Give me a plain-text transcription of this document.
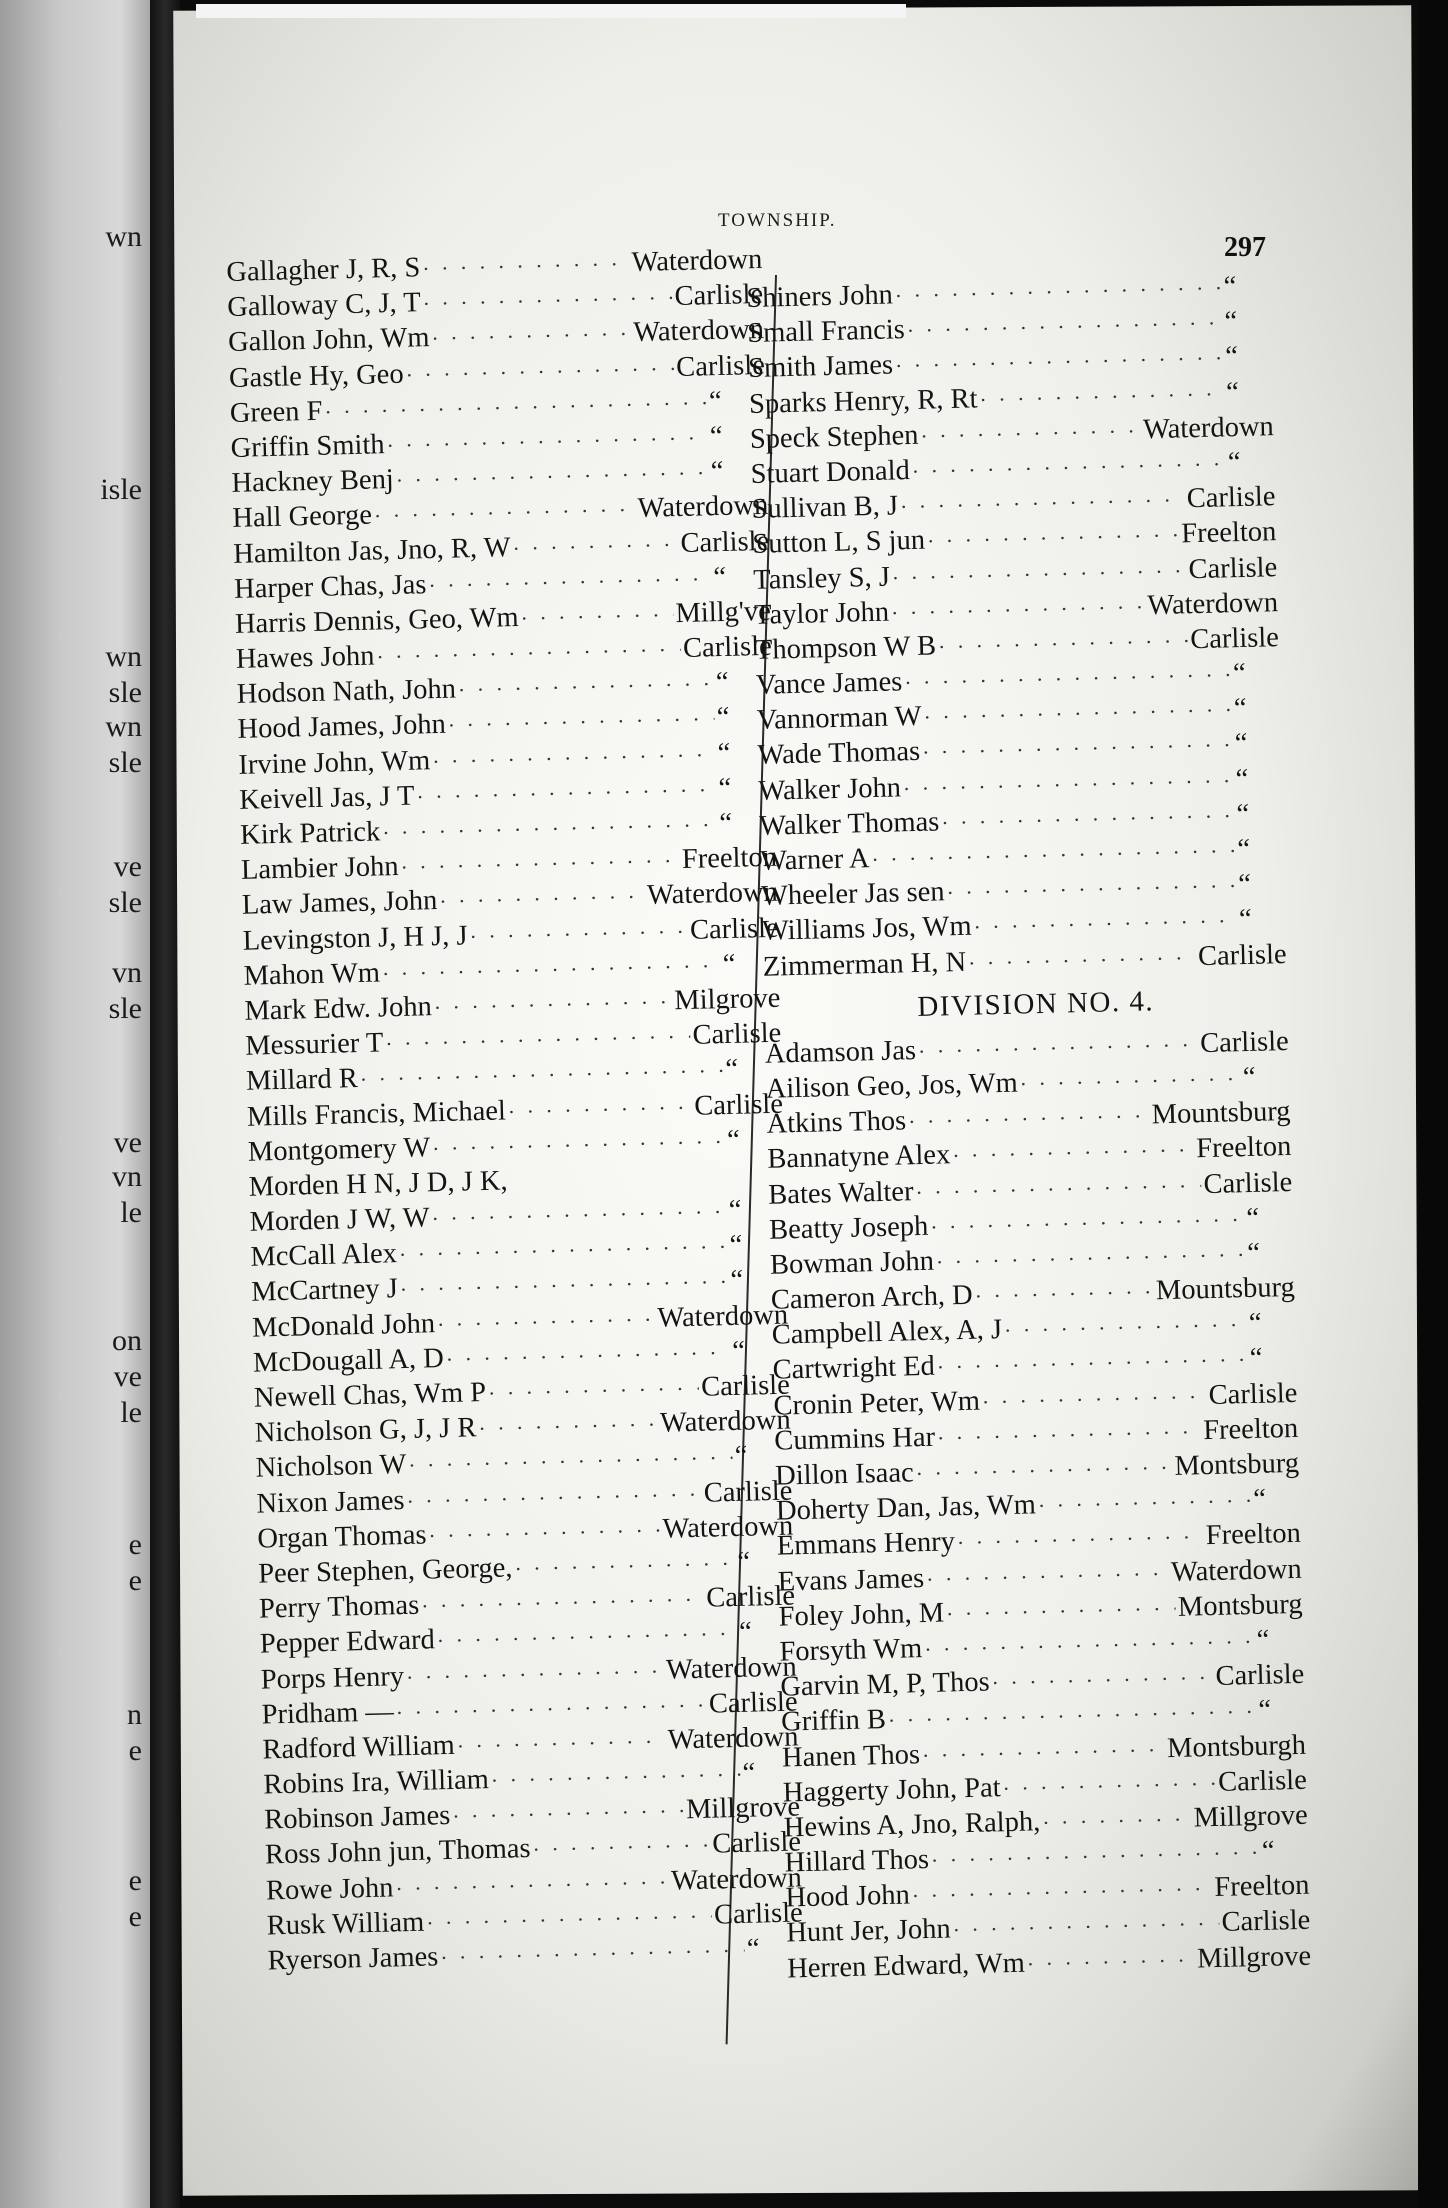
wn
isle
wn
sle
wn
sle
ve
sle
vn
sle
ve
vn
le
on
ve
le
e
e
n
e
e
e
TOWNSHIP.
297
Gallagher J, R, S · · ·	Waterdown
Galloway C, J, T · · ·	Carlisle
Gallon John, Wm · · ·	Waterdown
Gastle Hy, Geo · · ·	Carlisle
Green F · · ·	“
Griffin Smith · · ·	“
Hackney Benj · · ·	“
Hall George · · ·	Waterdown
Hamilton Jas, Jno, R, W · · ·	Carlisle
Harper Chas, Jas · · ·	“
Harris Dennis, Geo, Wm · · ·	Millg've
Hawes John · · ·	Carlisle
Hodson Nath, John · · ·	“
Hood James, John · · ·	“
Irvine John, Wm · · ·	“
Keivell Jas, J T · · ·	“
Kirk Patrick · · ·	“
Lambier John · · ·	Freelton
Law James, John · · ·	Waterdown
Levingston J, H J, J · · ·	Carlisle
Mahon Wm · · ·	“
Mark Edw. John · · ·	Milgrove
Messurier T · · ·	Carlisle
Millard R · · ·	“
Mills Francis, Michael · · ·	Carlisle
Montgomery W · · ·	“
Morden H N, J D, J K,
Morden J W, W · · ·	“
McCall Alex · · ·	“
McCartney J · · ·	“
McDonald John · · ·	Waterdown
McDougall A, D · · ·	“
Newell Chas, Wm P · · ·	Carlisle
Nicholson G, J, J R · · ·	Waterdown
Nicholson W · · ·	“
Nixon James · · ·	Carlisle
Organ Thomas · · ·	Waterdown
Peer Stephen, George, · · ·	“
Perry Thomas · · ·	Carlisle
Pepper Edward · · ·	“
Porps Henry · · ·	Waterdown
Pridham — · · ·	Carlisle
Radford William · · ·	Waterdown
Robins Ira, William · · ·	“
Robinson James · · ·	Millgrove
Ross John jun, Thomas · · ·	Carlisle
Rowe John · · ·	Waterdown
Rusk William · · ·	Carlisle
Ryerson James · · ·	“
Shiners John · · ·	“
Small Francis · · ·	“
Smith James · · ·	“
Sparks Henry, R, Rt · · ·	“
Speck Stephen · · ·	Waterdown
Stuart Donald · · ·	“
Sullivan B, J · · ·	Carlisle
Sutton L, S jun · · ·	Freelton
Tansley S, J · · ·	Carlisle
Taylor John · · ·	Waterdown
Thompson W B · · ·	Carlisle
Vance James · · ·	“
Vannorman W · · ·	“
Wade Thomas · · ·	“
Walker John · · ·	“
Walker Thomas · · ·	“
Warner A · · ·	“
Wheeler Jas sen · · ·	“
Williams Jos, Wm · · ·	“
Zimmerman H, N · · ·	Carlisle
DIVISION NO. 4.
Adamson Jas · · ·	Carlisle
Ailison Geo, Jos, Wm · · ·	“
Atkins Thos · · ·	Mountsburg
Bannatyne Alex · · ·	Freelton
Bates Walter · · ·	Carlisle
Beatty Joseph · · ·	“
Bowman John · · ·	“
Cameron Arch, D · · ·	Mountsburg
Campbell Alex, A, J · · ·	“
Cartwright Ed · · ·	“
Cronin Peter, Wm · · ·	Carlisle
Cummins Har · · ·	Freelton
Dillon Isaac · · ·	Montsburg
Doherty Dan, Jas, Wm · · ·	“
Emmans Henry · · ·	Freelton
Evans James · · ·	Waterdown
Foley John, M · · ·	Montsburg
Forsyth Wm · · ·	“
Garvin M, P, Thos · · ·	Carlisle
Griffin B · · ·	“
Hanen Thos · · ·	Montsburgh
Haggerty John, Pat · · ·	Carlisle
Hewins A, Jno, Ralph, · · ·	Millgrove
Hillard Thos · · ·	“
Hood John · · ·	Freelton
Hunt Jer, John · · ·	Carlisle
Herren Edward, Wm · · ·	Millgrove
